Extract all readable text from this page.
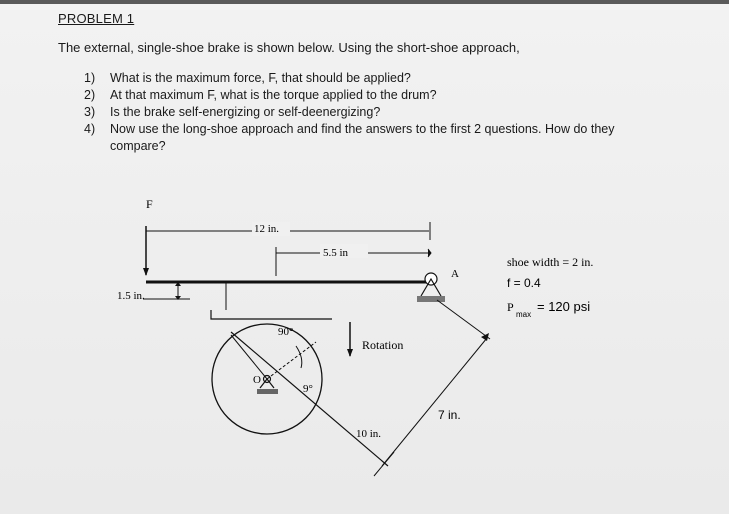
PROBLEM 1
The external, single-shoe brake is shown below. Using the short-shoe approach,
1) What is the maximum force, F, that should be applied?
2) At that maximum F, what is the torque applied to the drum?
3) Is the brake self-energizing or self-deenergizing?
4) Now use the long-shoe approach and find the answers to the first 2 questions. How do they compare?
O
A
F
12 in.
5.5 in
1.5 in.
90°
9°
Rotation
10 in.
7 in.
shoe width = 2 in.
f = 0.4
P
max
= 120 psi
